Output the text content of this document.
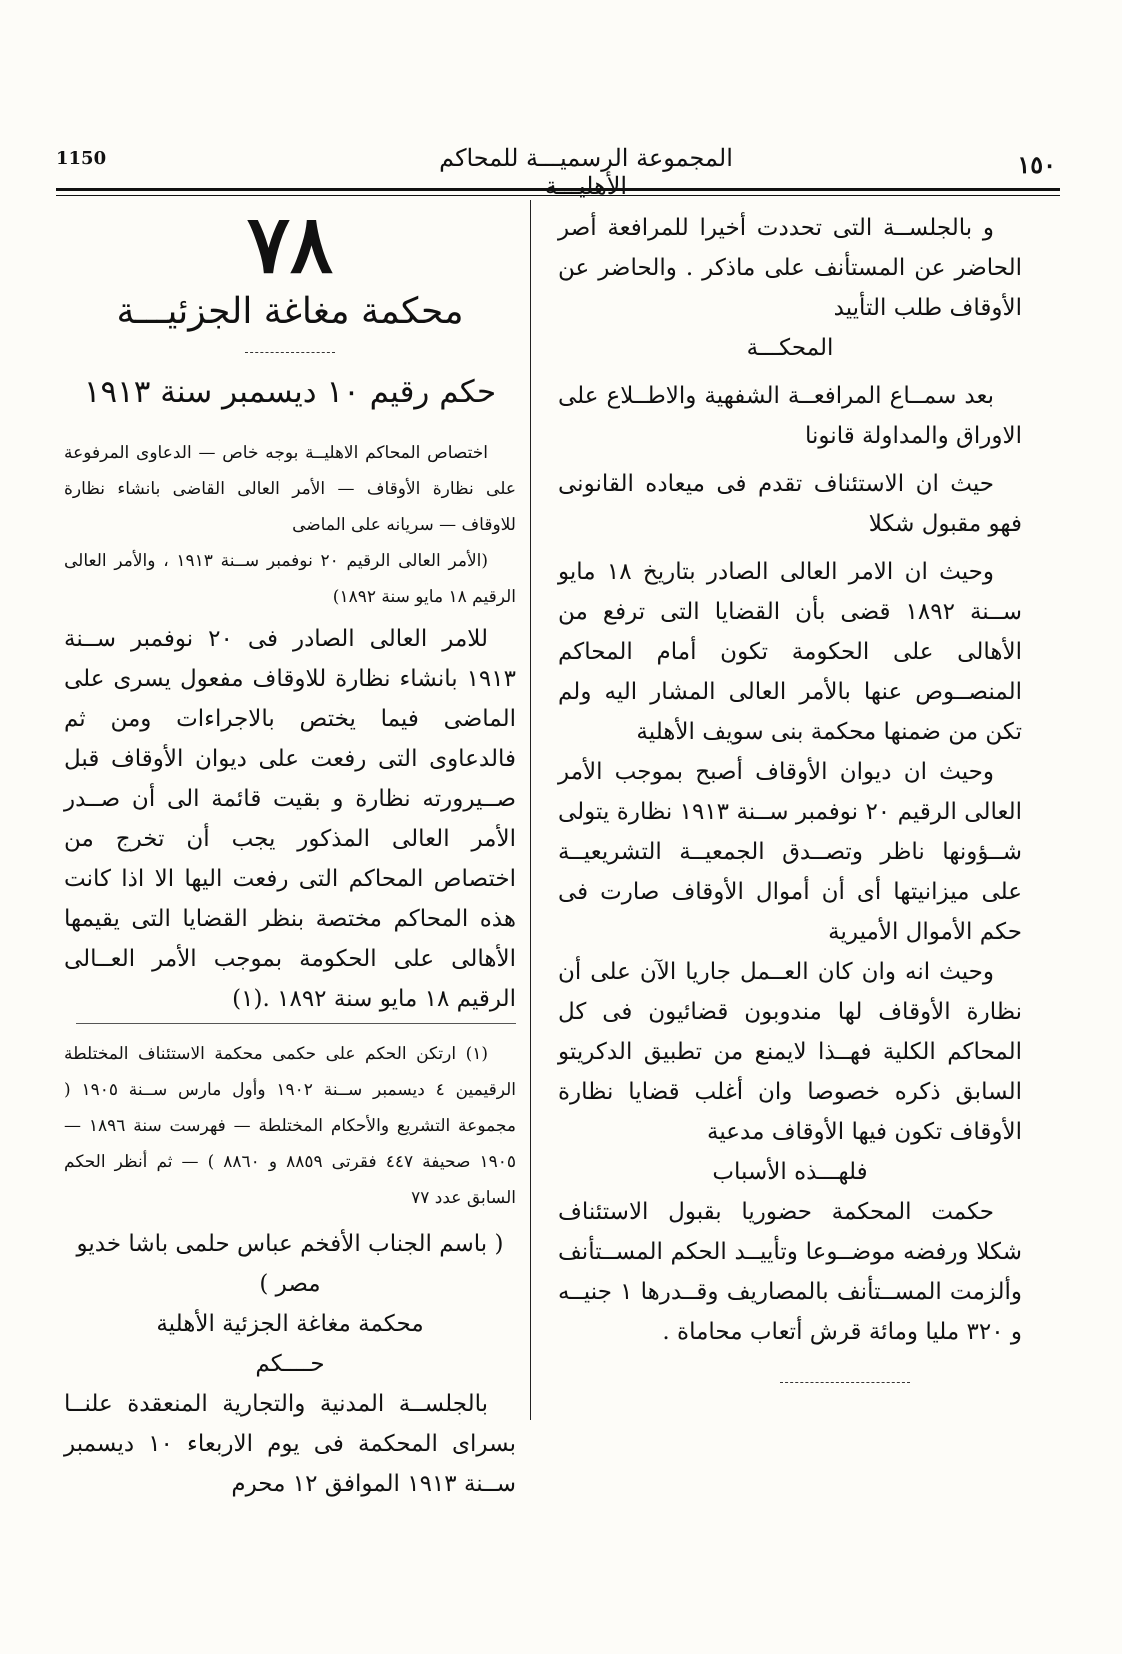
1150	المجموعة الرسميـــة للمحاكم الأهليـــة
١٥٠

و بالجلســة التى تحددت أخيرا للمرافعة أصر الحاضر عن المستأنف على ماذكر . والحاضر عن الأوقاف طلب التأييد

المحكـــة

بعد سمــاع المرافعــة الشفهية والاطــلاع على الاوراق والمداولة قانونا

حيث ان الاستئناف تقدم فى ميعاده القانونى فهو مقبول شكلا

وحيث ان الامر العالى الصادر بتاريخ ١٨ مايو ســنة ١٨٩٢ قضى بأن القضايا التى ترفع من الأهالى على الحكومة تكون أمام المحاكم المنصــوص عنها بالأمر العالى المشار اليه ولم تكن من ضمنها محكمة بنى سويف الأهلية

وحيث ان ديوان الأوقاف أصبح بموجب الأمر العالى الرقيم ٢٠ نوفمبر ســنة ١٩١٣ نظارة يتولى شــؤونها ناظر وتصــدق الجمعيــة التشريعيــة على ميزانيتها أى أن أموال الأوقاف صارت فى حكم الأموال الأميرية

وحيث انه وان كان العــمل جاريا الآن على أن نظارة الأوقاف لها مندوبون قضائيون فى كل المحاكم الكلية فهــذا لايمنع من تطبيق الدكريتو السابق ذكره خصوصا وان أغلب قضايا نظارة الأوقاف تكون فيها الأوقاف مدعية

فلهـــذه الأسباب

حكمت المحكمة حضوريا بقبول الاستئناف شكلا ورفضه موضــوعا وتأييــد الحكم المســتأنف وألزمت المســتأنف بالمصاريف وقــدرها ١ جنيــه و ٣٢٠ مليا ومائة قرش أتعاب محاماة .

٧٨
محكمة مغاغة الجزئيـــة
حكم رقيم ١٠ ديسمبر سنة ١٩١٣

اختصاص المحاكم الاهليــة بوجه خاص — الدعاوى المرفوعة على نظارة الأوقاف — الأمر العالى القاضى بانشاء نظارة للاوقاف — سريانه على الماضى

(الأمر العالى الرقيم ٢٠ نوفمبر ســنة ١٩١٣ ، والأمر العالى الرقيم ١٨ مايو سنة ١٨٩٢)

للامر العالى الصادر فى ٢٠ نوفمبر ســنة ١٩١٣ بانشاء نظارة للاوقاف مفعول يسرى على الماضى فيما يختص بالاجراءات ومن ثم فالدعاوى التى رفعت على ديوان الأوقاف قبل صــيرورته نظارة و بقيت قائمة الى أن صــدر الأمر العالى المذكور يجب أن تخرج من اختصاص المحاكم التى رفعت اليها الا اذا كانت هذه المحاكم مختصة بنظر القضايا التى يقيمها الأهالى على الحكومة بموجب الأمر العــالى الرقيم ١٨ مايو سنة ١٨٩٢ .(١)

(١) ارتكن الحكم على حكمى محكمة الاستئناف المختلطة الرقيمين ٤ ديسمبر ســنة ١٩٠٢ وأول مارس ســنة ١٩٠٥ ( مجموعة التشريع والأحكام المختلطة — فهرست سنة ١٨٩٦ — ١٩٠٥ صحيفة ٤٤٧ فقرتى ٨٨٥٩ و ٨٨٦٠ ) — ثم أنظر الحكم السابق عدد ٧٧

( باسم الجناب الأفخم عباس حلمى باشا خديو مصر )

محكمة مغاغة الجزئية الأهلية

حــــكم

بالجلســة المدنية والتجارية المنعقدة علنــا بسراى المحكمة فى يوم الاربعاء ١٠ ديسمبر ســنة ١٩١٣ الموافق ١٢ محرم
